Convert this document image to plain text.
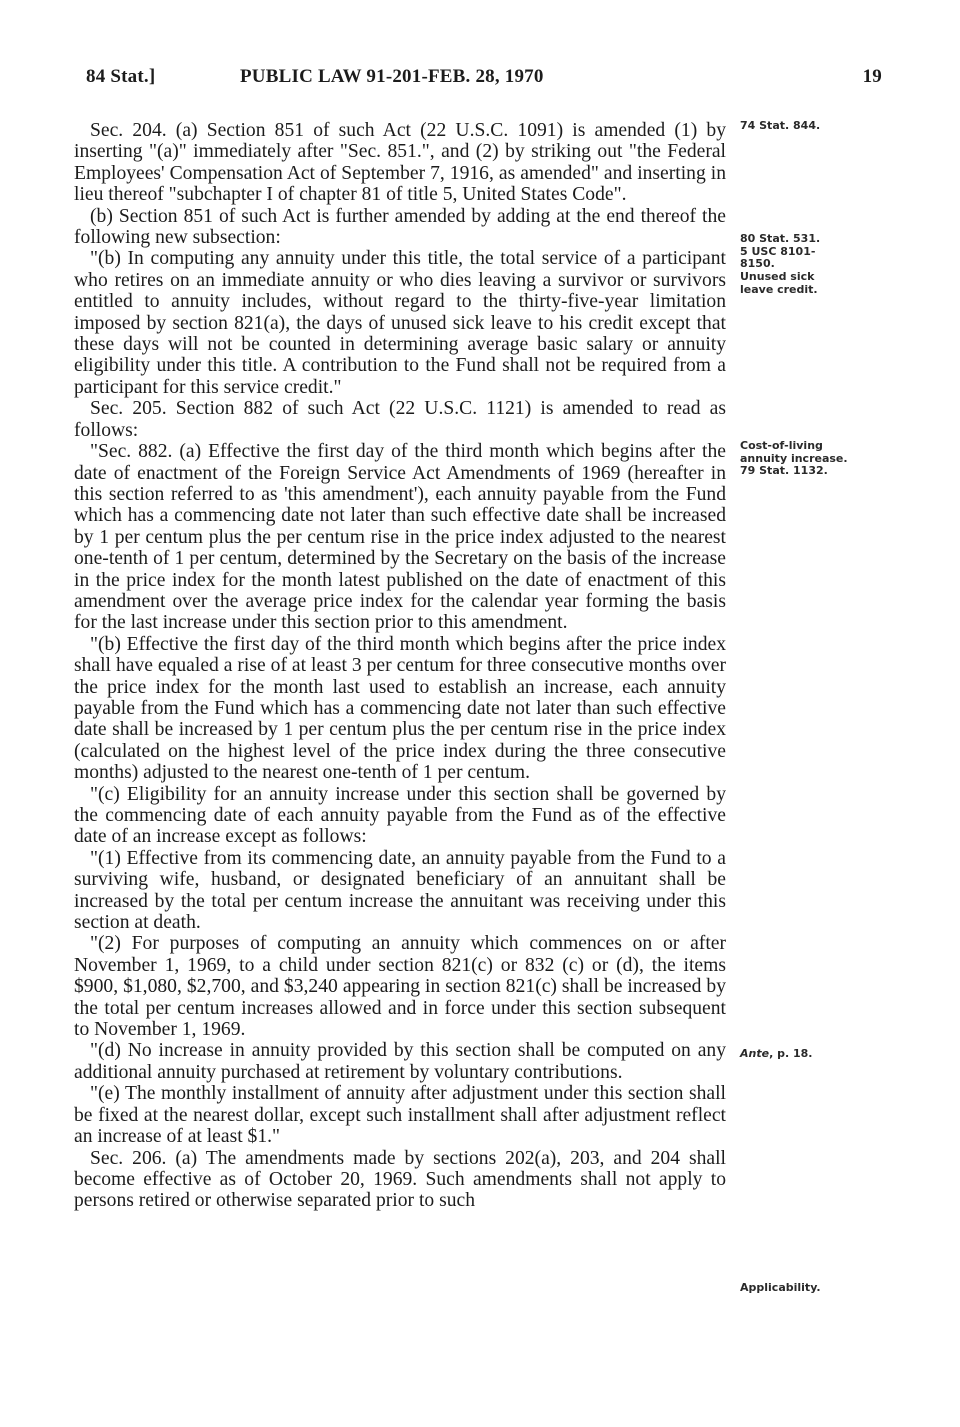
84 Stat.]	PUBLIC LAW 91-201-FEB. 28, 1970	19

Sec. 204. (a) Section 851 of such Act (22 U.S.C. 1091) is amended (1) by inserting "(a)" immediately after "Sec. 851.", and (2) by striking out "the Federal Employees' Compensation Act of September 7, 1916, as amended" and inserting in lieu thereof "subchapter I of chapter 81 of title 5, United States Code".

(b) Section 851 of such Act is further amended by adding at the end thereof the following new subsection:

"(b) In computing any annuity under this title, the total service of a participant who retires on an immediate annuity or who dies leaving a survivor or survivors entitled to annuity includes, without regard to the thirty-five-year limitation imposed by section 821(a), the days of unused sick leave to his credit except that these days will not be counted in determining average basic salary or annuity eligibility under this title. A contribution to the Fund shall not be required from a participant for this service credit."

Sec. 205. Section 882 of such Act (22 U.S.C. 1121) is amended to read as follows:

"Sec. 882. (a) Effective the first day of the third month which begins after the date of enactment of the Foreign Service Act Amendments of 1969 (hereafter in this section referred to as 'this amendment'), each annuity payable from the Fund which has a commencing date not later than such effective date shall be increased by 1 per centum plus the per centum rise in the price index adjusted to the nearest one-tenth of 1 per centum, determined by the Secretary on the basis of the increase in the price index for the month latest published on the date of enactment of this amendment over the average price index for the calendar year forming the basis for the last increase under this section prior to this amendment.

"(b) Effective the first day of the third month which begins after the price index shall have equaled a rise of at least 3 per centum for three consecutive months over the price index for the month last used to establish an increase, each annuity payable from the Fund which has a commencing date not later than such effective date shall be increased by 1 per centum plus the per centum rise in the price index (calculated on the highest level of the price index during the three consecutive months) adjusted to the nearest one-tenth of 1 per centum.

"(c) Eligibility for an annuity increase under this section shall be governed by the commencing date of each annuity payable from the Fund as of the effective date of an increase except as follows:

"(1) Effective from its commencing date, an annuity payable from the Fund to a surviving wife, husband, or designated beneficiary of an annuitant shall be increased by the total per centum increase the annuitant was receiving under this section at death.

"(2) For purposes of computing an annuity which commences on or after November 1, 1969, to a child under section 821(c) or 832 (c) or (d), the items $900, $1,080, $2,700, and $3,240 appearing in section 821(c) shall be increased by the total per centum increases allowed and in force under this section subsequent to November 1, 1969.

"(d) No increase in annuity provided by this section shall be computed on any additional annuity purchased at retirement by voluntary contributions.

"(e) The monthly installment of annuity after adjustment under this section shall be fixed at the nearest dollar, except such installment shall after adjustment reflect an increase of at least $1."

Sec. 206. (a) The amendments made by sections 202(a), 203, and 204 shall become effective as of October 20, 1969. Such amendments shall not apply to persons retired or otherwise separated prior to such

74 Stat. 844.
80 Stat. 531.
5 USC 8101-
8150.
Unused sick
leave credit.
Cost-of-living
annuity increase.
79 Stat. 1132.
Ante, p. 18.
Applicability.
